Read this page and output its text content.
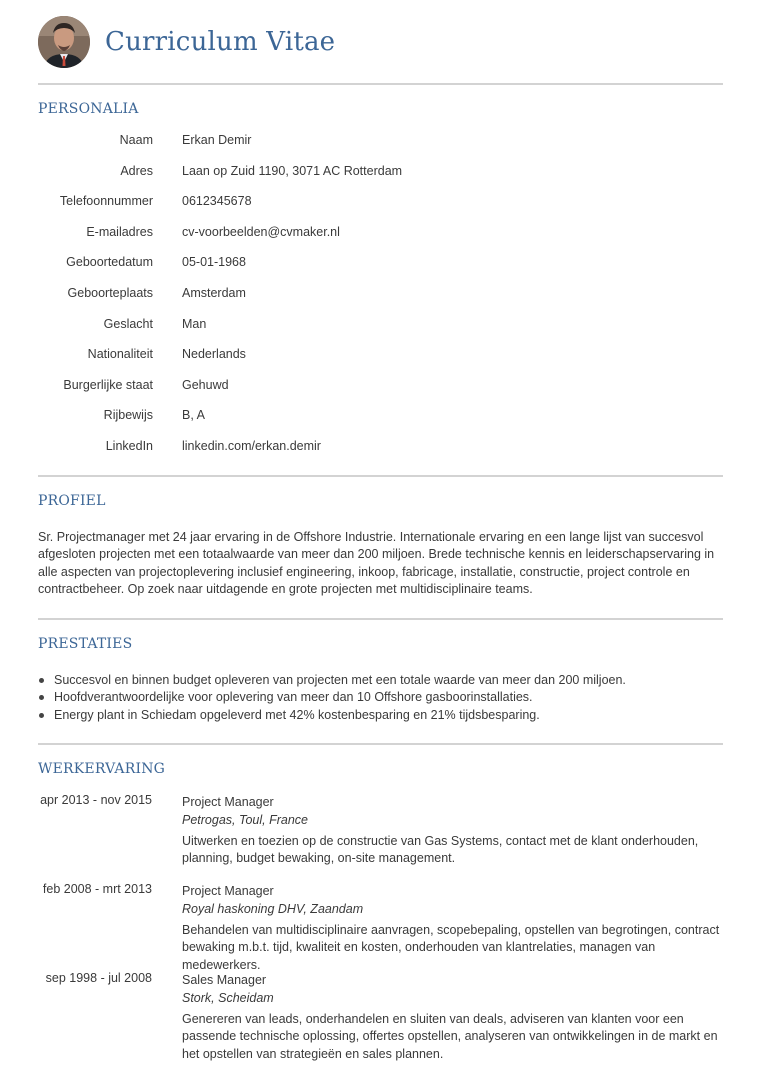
Curriculum Vitae
PERSONALIA
Naam Erkan Demir
Adres Laan op Zuid 1190, 3071 AC Rotterdam
Telefoonnummer 0612345678
E-mailadres cv-voorbeelden@cvmaker.nl
Geboortedatum 05-01-1968
Geboorteplaats Amsterdam
Geslacht Man
Nationaliteit Nederlands
Burgerlijke staat Gehuwd
Rijbewijs B, A
LinkedIn linkedin.com/erkan.demir
PROFIEL
Sr. Projectmanager met 24 jaar ervaring in de Offshore Industrie. Internationale ervaring en een lange lijst van succesvol afgesloten projecten met een totaalwaarde van meer dan 200 miljoen. Brede technische kennis en leiderschapservaring in alle aspecten van projectoplevering inclusief engineering, inkoop, fabricage, installatie, constructie, project controle en contractbeheer. Op zoek naar uitdagende en grote projecten met multidisciplinaire teams.
PRESTATIES
Succesvol en binnen budget opleveren van projecten met een totale waarde van meer dan 200 miljoen.
Hoofdverantwoordelijke voor oplevering van meer dan 10 Offshore gasboorinstallaties.
Energy plant in Schiedam opgeleverd met 42% kostenbesparing en 21% tijdsbesparing.
WERKERVARING
apr 2013 - nov 2015 Project Manager
Petrogas, Toul, France
Uitwerken en toezien op de constructie van Gas Systems, contact met de klant onderhouden, planning, budget bewaking, on-site management.
feb 2008 - mrt 2013 Project Manager
Royal haskoning DHV, Zaandam
Behandelen van multidisciplinaire aanvragen, scopebepaling, opstellen van begrotingen, contract bewaking m.b.t. tijd, kwaliteit en kosten, onderhouden van klantrelaties, managen van medewerkers.
sep 1998 - jul 2008 Sales Manager
Stork, Scheidam
Genereren van leads, onderhandelen en sluiten van deals, adviseren van klanten voor een passende technische oplossing, offertes opstellen, analyseren van ontwikkelingen in de markt en het opstellen van strategieën en sales plannen.
